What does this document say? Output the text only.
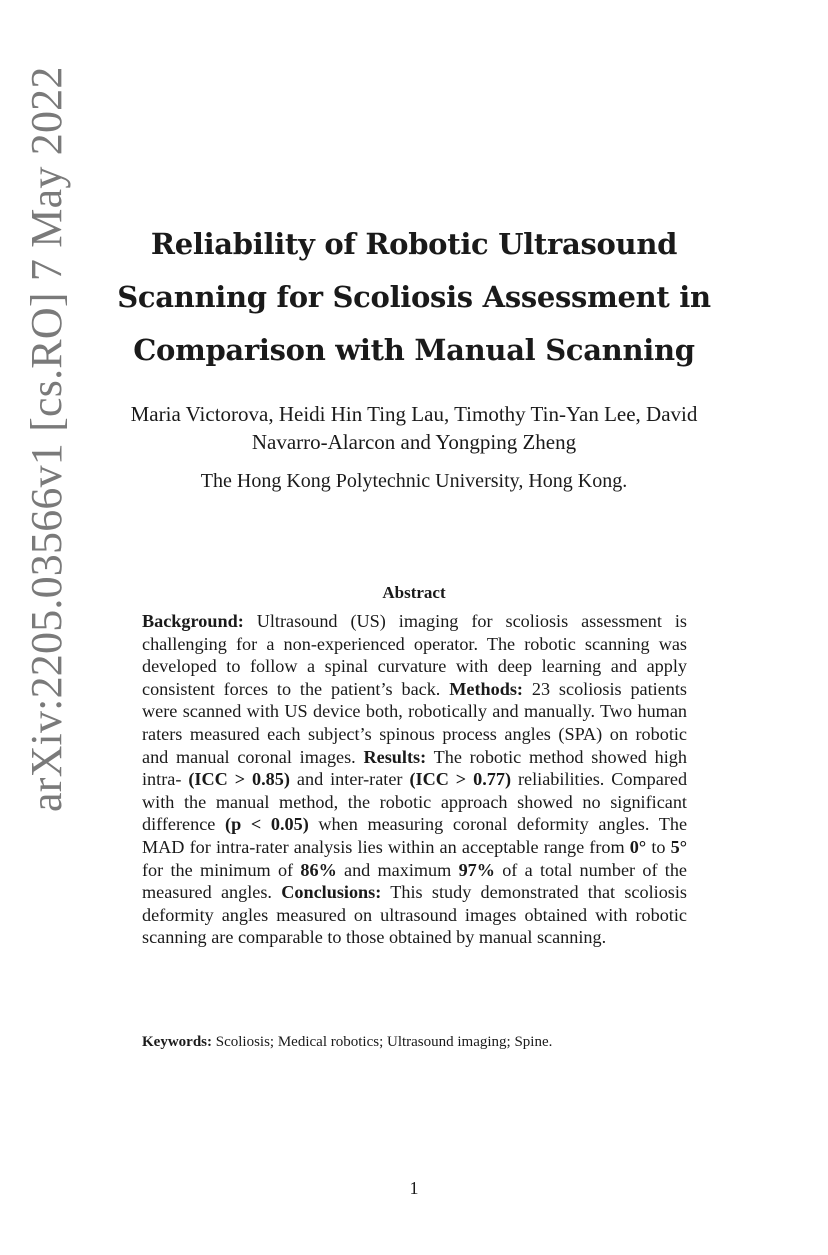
arXiv:2205.03566v1 [cs.RO] 7 May 2022	Reliability of Robotic Ultrasound Scanning for Scoliosis Assessment in Comparison with Manual Scanning
Maria Victorova, Heidi Hin Ting Lau, Timothy Tin-Yan Lee, David Navarro-Alarcon and Yongping Zheng
The Hong Kong Polytechnic University, Hong Kong.
Abstract
Background: Ultrasound (US) imaging for scoliosis assessment is challenging for a non-experienced operator. The robotic scanning was developed to follow a spinal curvature with deep learning and apply consistent forces to the patient’s back. Methods: 23 scoliosis patients were scanned with US device both, robotically and manually. Two human raters measured each subject’s spinous process angles (SPA) on robotic and manual coronal images. Results: The robotic method showed high intra- (ICC > 0.85) and inter-rater (ICC > 0.77) reliabilities. Compared with the manual method, the robotic approach showed no significant difference (p < 0.05) when measuring coronal deformity angles. The MAD for intra-rater analysis lies within an acceptable range from 0° to 5° for the minimum of 86% and maximum 97% of a total number of the measured angles. Conclusions: This study demonstrated that scoliosis deformity angles measured on ultrasound images obtained with robotic scanning are comparable to those obtained by manual scanning.
Keywords: Scoliosis; Medical robotics; Ultrasound imaging; Spine.
1
